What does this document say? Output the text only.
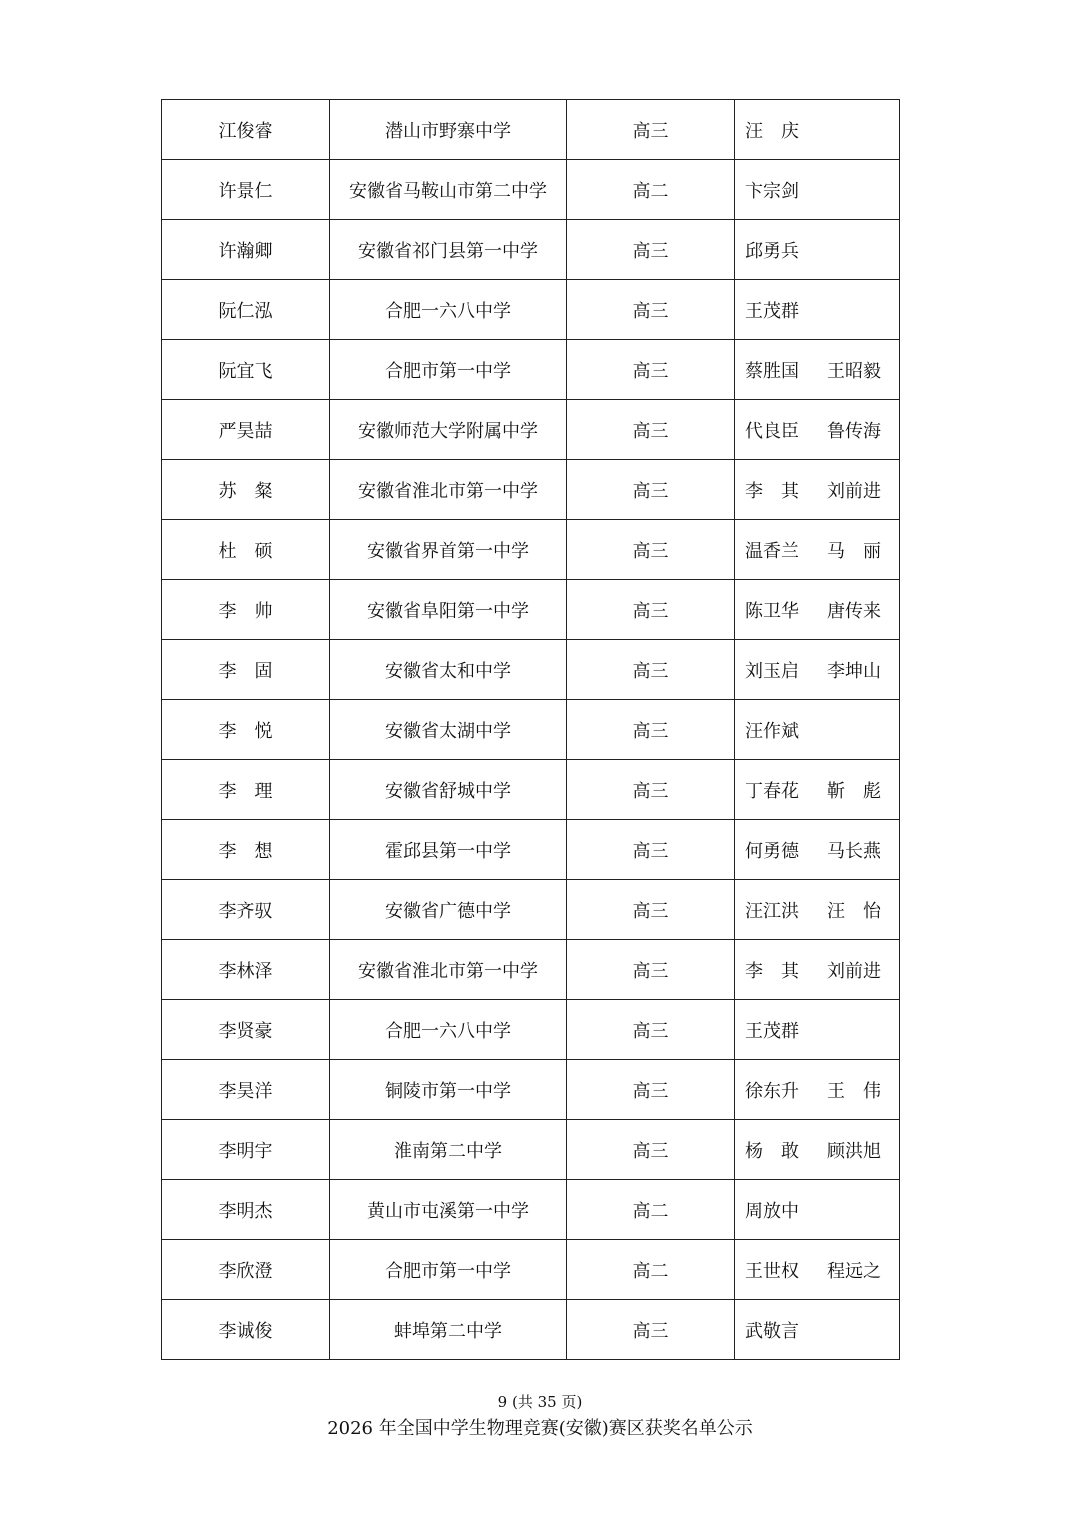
江俊睿	潜山市野寨中学	高三	汪 庆

许景仁	安徽省马鞍山市第二中学	高二	卞宗剑

许瀚卿	安徽省祁门县第一中学	高三	邱勇兵

阮仁泓	合肥一六八中学	高三	王茂群

阮宜飞	合肥市第一中学	高三	蔡胜国 王昭毅

严昊喆	安徽师范大学附属中学	高三	代良臣 鲁传海

苏 粲	安徽省淮北市第一中学	高三	李 其 刘前进

杜 硕	安徽省界首第一中学	高三	温香兰 马 丽

李 帅	安徽省阜阳第一中学	高三	陈卫华 唐传来

李 固	安徽省太和中学	高三	刘玉启 李坤山

李 悦	安徽省太湖中学	高三	汪作斌

李 理	安徽省舒城中学	高三	丁春花 靳 彪

李 想	霍邱县第一中学	高三	何勇德 马长燕

李齐驭	安徽省广德中学	高三	汪江洪 汪 怡

李林泽	安徽省淮北市第一中学	高三	李 其 刘前进

李贤豪	合肥一六八中学	高三	王茂群

李昊洋	铜陵市第一中学	高三	徐东升 王 伟

李明宇	淮南第二中学	高三	杨 敢 顾洪旭

李明杰	黄山市屯溪第一中学	高二	周放中

李欣澄	合肥市第一中学	高二	王世权 程远之

李诚俊	蚌埠第二中学	高三	武敬言
9 (共 35 页)
2026 年全国中学生物理竞赛(安徽)赛区获奖名单公示
